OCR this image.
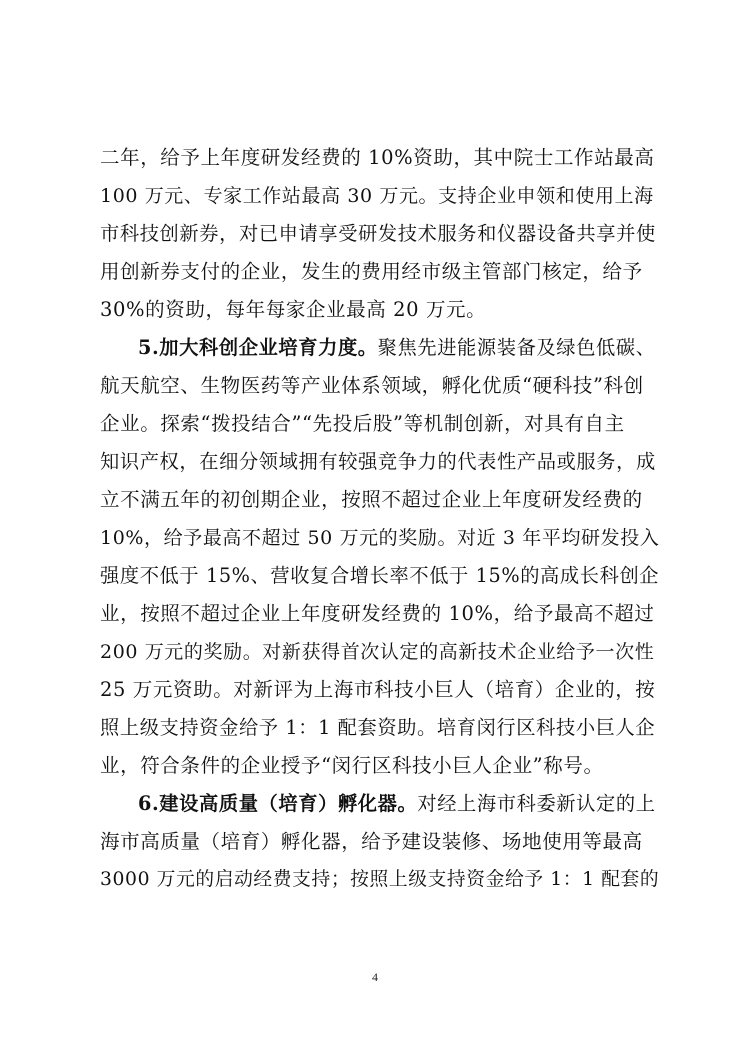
二年，给予上年度研发经费的 10%资助，其中院士工作站最高
100 万元、专家工作站最高 30 万元。支持企业申领和使用上海
市科技创新券，对已申请享受研发技术服务和仪器设备共享并使
用创新券支付的企业，发生的费用经市级主管部门核定，给予
30%的资助，每年每家企业最高 20 万元。
5.加大科创企业培育力度。聚焦先进能源装备及绿色低碳、
航天航空、生物医药等产业体系领域，孵化优质“硬科技”科创
企业。探索“拨投结合”“先投后股”等机制创新，对具有自主
知识产权，在细分领域拥有较强竞争力的代表性产品或服务，成
立不满五年的初创期企业，按照不超过企业上年度研发经费的
10%，给予最高不超过 50 万元的奖励。对近 3 年平均研发投入
强度不低于 15%、营收复合增长率不低于 15%的高成长科创企
业，按照不超过企业上年度研发经费的 10%，给予最高不超过
200 万元的奖励。对新获得首次认定的高新技术企业给予一次性
25 万元资助。对新评为上海市科技小巨人（培育）企业的，按
照上级支持资金给予 1：1 配套资助。培育闵行区科技小巨人企
业，符合条件的企业授予“闵行区科技小巨人企业”称号。
6.建设高质量（培育）孵化器。对经上海市科委新认定的上
海市高质量（培育）孵化器，给予建设装修、场地使用等最高
3000 万元的启动经费支持；按照上级支持资金给予 1：1 配套的
4
